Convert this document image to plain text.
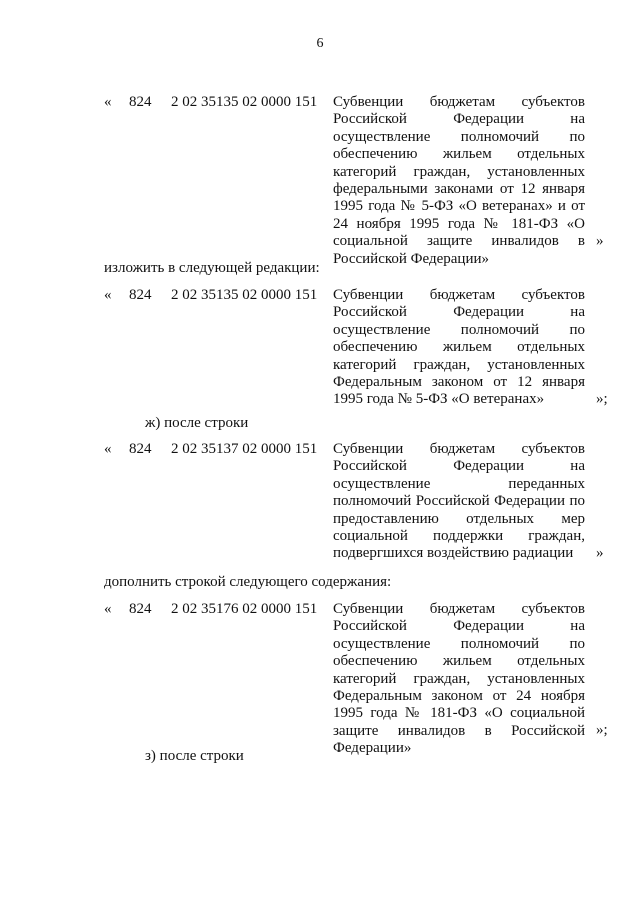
6
« 824 2 02 35135 02 0000 151 Субвенции бюджетам субъектов Российской Федерации на осуществление полномочий по обеспечению жильем отдельных категорий граждан, установленных федеральными законами от 12 января 1995 года № 5-ФЗ «О ветеранах» и от 24 ноября 1995 года № 181-ФЗ «О социальной защите инвалидов в Российской Федерации»
»
изложить в следующей редакции:
« 824 2 02 35135 02 0000 151 Субвенции бюджетам субъектов Российской Федерации на осуществление полномочий по обеспечению жильем отдельных категорий граждан, установленных Федеральным законом от 12 января 1995 года № 5-ФЗ «О ветеранах»	»;
ж) после строки
« 824 2 02 35137 02 0000 151 Субвенции бюджетам субъектов Российской Федерации на осуществление переданных полномочий Российской Федерации по предоставлению отдельных мер социальной поддержки граждан, подвергшихся воздействию радиации	»
дополнить строкой следующего содержания:
« 824 2 02 35176 02 0000 151 Субвенции бюджетам субъектов Российской Федерации на осуществление полномочий по обеспечению жильем отдельных категорий граждан, установленных Федеральным законом от 24 ноября 1995 года № 181-ФЗ «О социальной защите инвалидов в Российской Федерации»
»;
з) после строки
